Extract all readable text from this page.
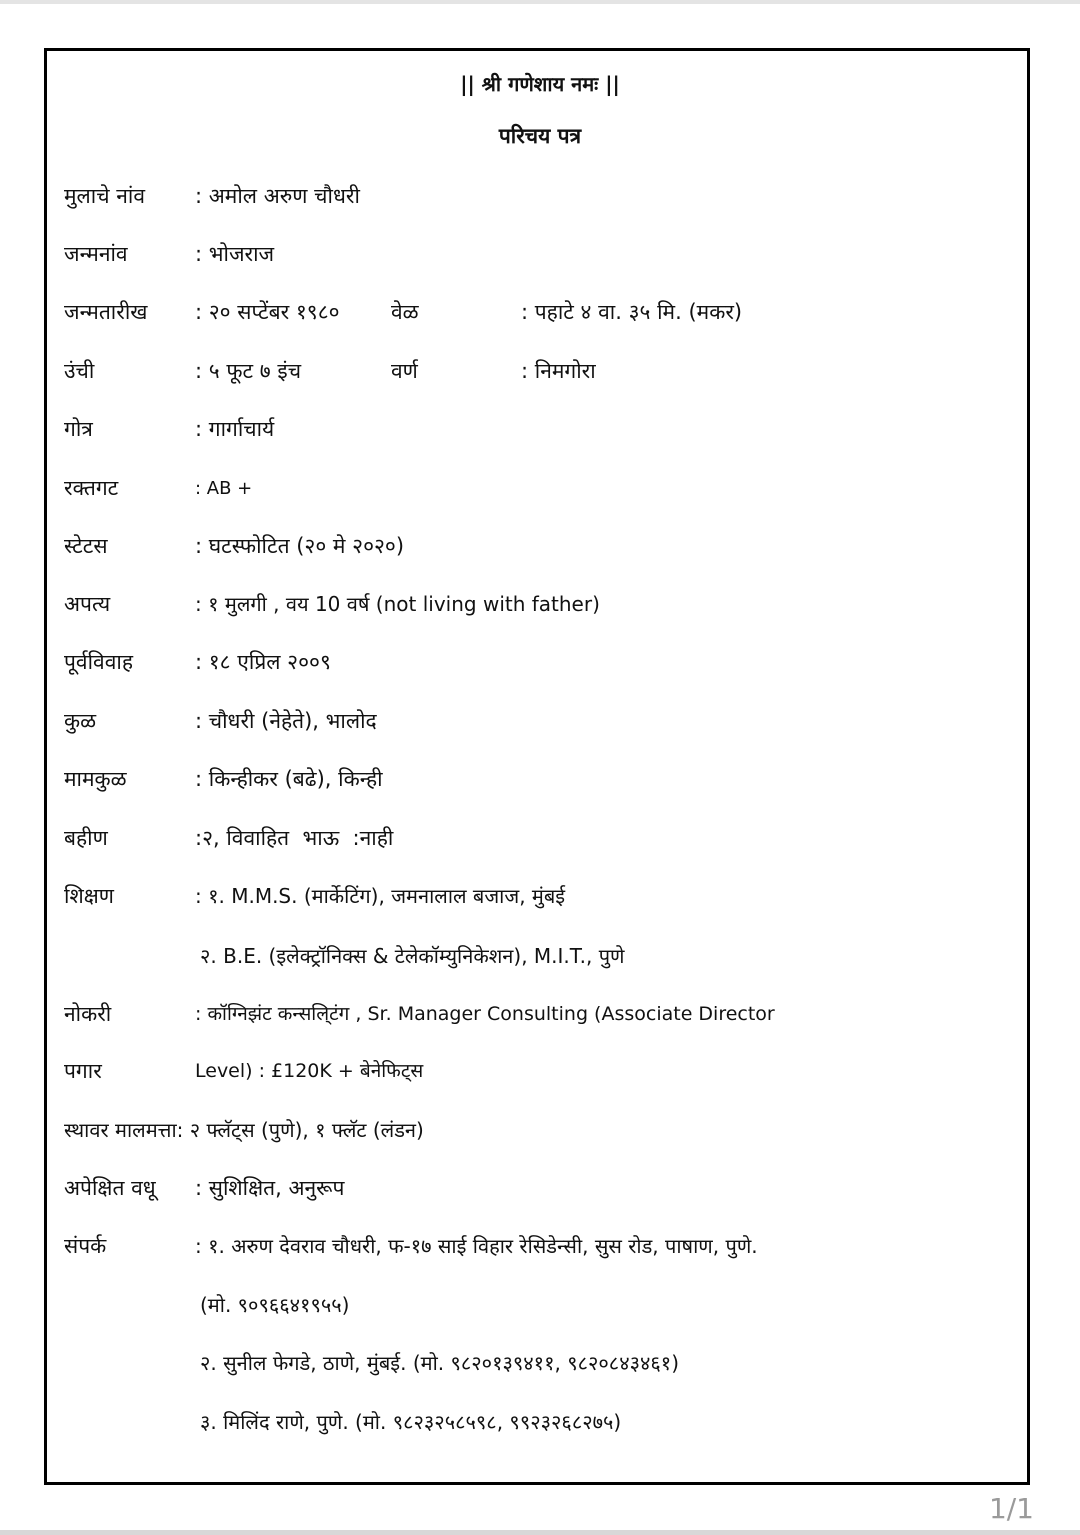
|| श्री गणेशाय नमः ||
परिचय पत्र
मुलाचे नांव : अमोल अरुण चौधरी
जन्मनांव	: भोजराज
जन्मतारीख : २० सप्टेंबर १९८० वेळ	: पहाटे ४ वा. ३५ मि. (मकर)
उंची	: ५ फूट ७ इंच	वर्ण	: निमगोरा
गोत्र	: गार्गाचार्य
रक्तगट	: AB +
स्टेटस	: घटस्फोटित (२० मे २०२०)
अपत्य	: १ मुलगी , वय 10 वर्ष (not living with father)
पूर्वविवाह	: १८ एप्रिल २००९
कुळ	: चौधरी (नेहेते), भालोद
मामकुळ	: किन्हीकर (बढे), किन्ही
बहीण	:२, विवाहित  भाऊ  :नाही
शिक्षण	: १. M.M.S. (मार्केटिंग), जमनालाल बजाज, मुंबई
२. B.E. (इलेक्ट्रॉनिक्स & टेलेकॉम्युनिकेशन), M.I.T., पुणे
नोकरी	: कॉग्निझंट कन्सलि्टंग , Sr. Manager Consulting (Associate Director
पगार	Level) : £120K + बेनेफिट्स
स्थावर मालमत्ता: २ फ्लॅट्स (पुणे), १ फ्लॅट (लंडन)
अपेक्षित वधू : सुशिक्षित, अनुरूप
संपर्क	: १. अरुण देवराव चौधरी, फ-१७ साई विहार रेसिडेन्सी, सुस रोड, पाषाण, पुणे.
(मो. ९०९६६४१९५५)
२. सुनील फेगडे, ठाणे, मुंबई. (मो. ९८२०१३९४११, ९८२०८४३४६१)
३. मिलिंद राणे, पुणे. (मो. ९८२३२५८५९८, ९९२३२६८२७५)
1/1
